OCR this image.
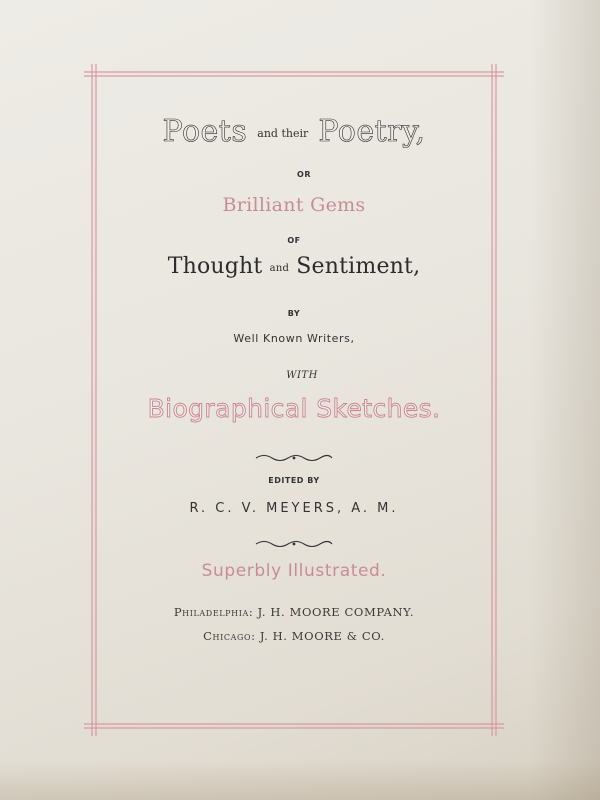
Poets and their Poetry,
OR
Brilliant Gems
OF
Thought and Sentiment,
BY
Well Known Writers,
WITH
Biographical Sketches.
EDITED BY
R. C. V. MEYERS, A. M.
Superbly Illustrated.
Philadelphia: J. H. MOORE COMPANY.
Chicago: J. H. MOORE & CO.
